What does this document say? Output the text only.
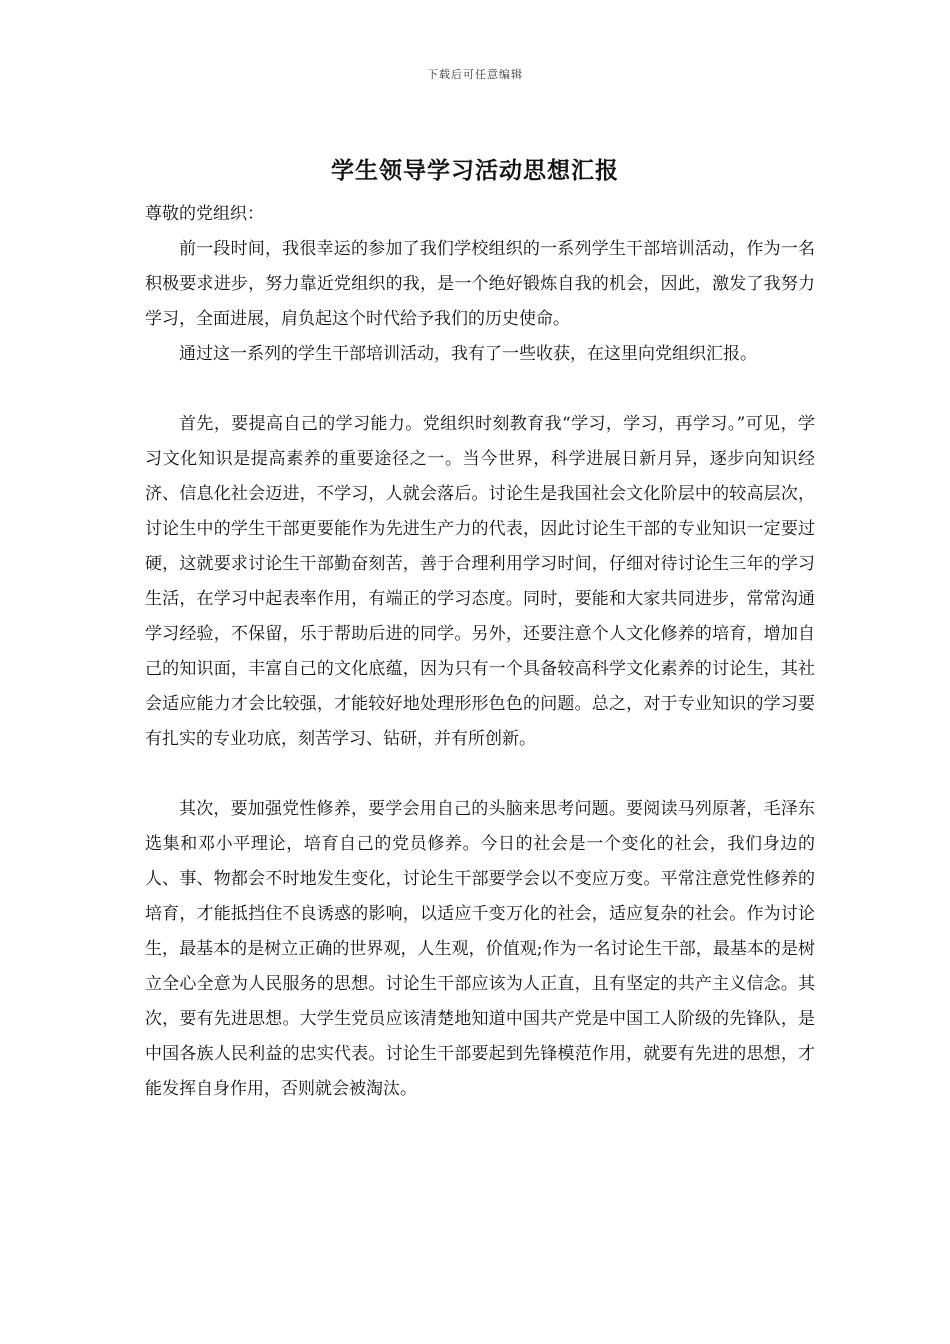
下载后可任意编辑
学生领导学习活动思想汇报

尊敬的党组织：

前一段时间，我很幸运的参加了我们学校组织的一系列学生干部培训活动，作为一名积极要求进步，努力靠近党组织的我，是一个绝好锻炼自我的机会，因此，激发了我努力学习，全面进展，肩负起这个时代给予我们的历史使命。

通过这一系列的学生干部培训活动，我有了一些收获，在这里向党组织汇报。

首先，要提高自己的学习能力。党组织时刻教育我“学习，学习，再学习。”可见，学习文化知识是提高素养的重要途径之一。当今世界，科学进展日新月异，逐步向知识经济、信息化社会迈进，不学习，人就会落后。讨论生是我国社会文化阶层中的较高层次，讨论生中的学生干部更要能作为先进生产力的代表，因此讨论生干部的专业知识一定要过硬，这就要求讨论生干部勤奋刻苦，善于合理利用学习时间，仔细对待讨论生三年的学习生活，在学习中起表率作用，有端正的学习态度。同时，要能和大家共同进步，常常沟通学习经验，不保留，乐于帮助后进的同学。另外，还要注意个人文化修养的培育，增加自己的知识面，丰富自己的文化底蕴，因为只有一个具备较高科学文化素养的讨论生，其社会适应能力才会比较强，才能较好地处理形形色色的问题。总之，对于专业知识的学习要有扎实的专业功底，刻苦学习、钻研，并有所创新。

其次，要加强党性修养，要学会用自己的头脑来思考问题。要阅读马列原著，毛泽东选集和邓小平理论，培育自己的党员修养。今日的社会是一个变化的社会，我们身边的人、事、物都会不时地发生变化，讨论生干部要学会以不变应万变。平常注意党性修养的培育，才能抵挡住不良诱惑的影响，以适应千变万化的社会，适应复杂的社会。作为讨论生，最基本的是树立正确的世界观，人生观，价值观;作为一名讨论生干部，最基本的是树立全心全意为人民服务的思想。讨论生干部应该为人正直，且有坚定的共产主义信念。其次，要有先进思想。大学生党员应该清楚地知道中国共产党是中国工人阶级的先锋队，是中国各族人民利益的忠实代表。讨论生干部要起到先锋模范作用，就要有先进的思想，才能发挥自身作用，否则就会被淘汰。
